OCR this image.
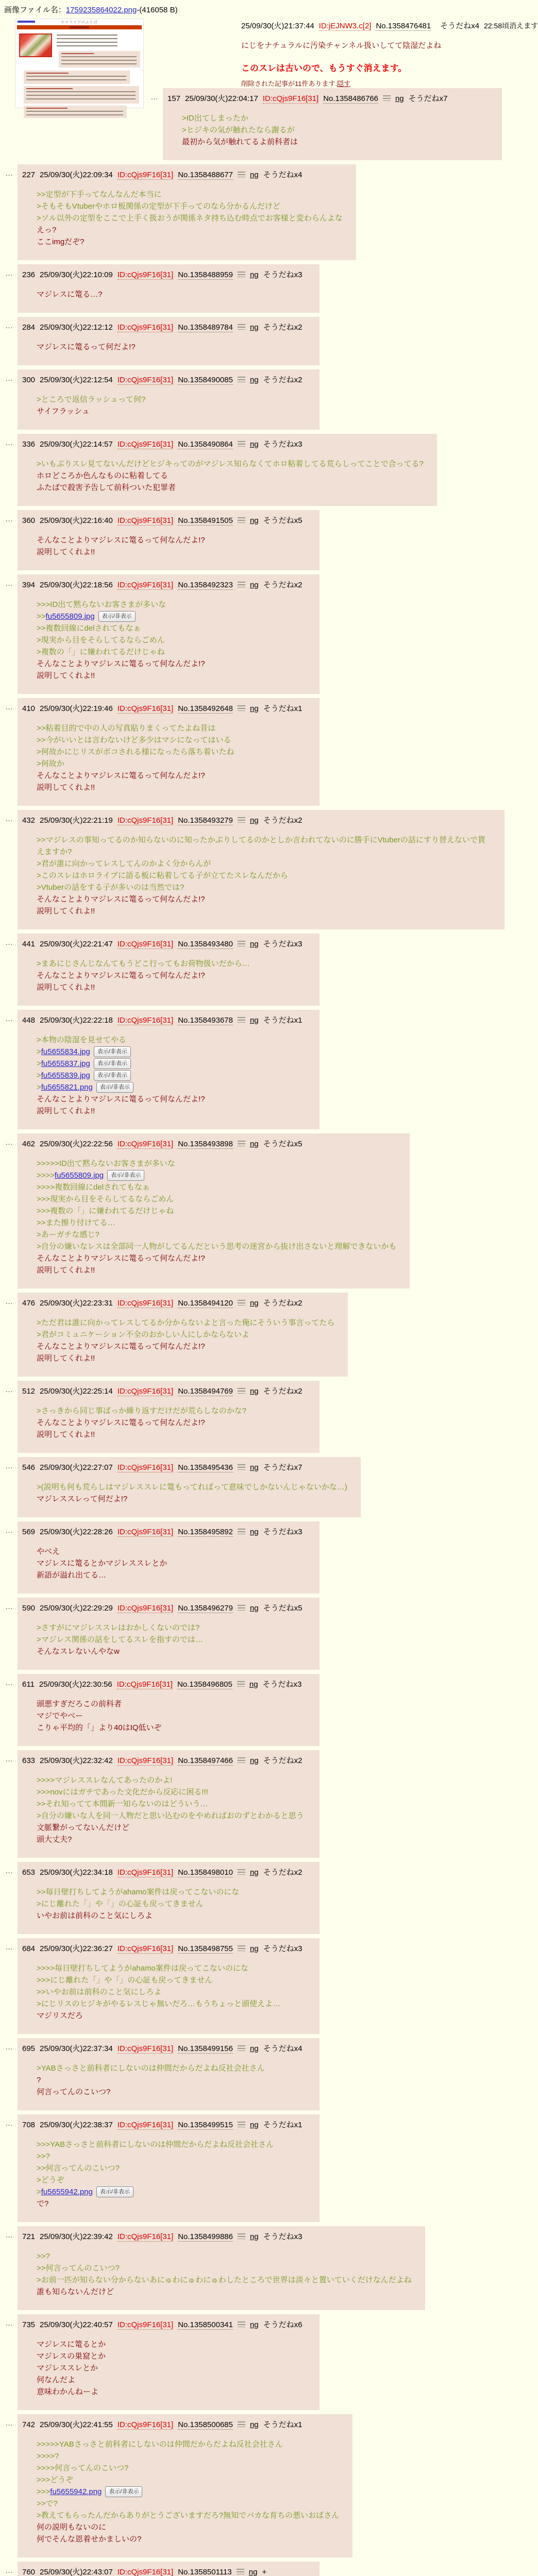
画像ファイル名：1759235864022.png-(416058 B)
ホロライブのふたば	25/09/30(火)21:37:44 ID:jEJNW3.c[2] No.1358476481 そうだねx4 22:58頃消えます
にじをナチュラルに汚染チャンネル扱いしてて陰湿だよね
このスレは古いので、もうすぐ消えます。
削除された記事が11件あります.隠す
… 157 25/09/30(火)22:04:17 ID:cQjs9F16[31] No.1358486766 ng そうだねx7
>ID出てしまったか
>ヒジキの気が触れたなら謝るが
最初から気が触れてるよ前科者は
… 227 25/09/30(火)22:09:34 ID:cQjs9F16[31] No.1358488677 ng そうだねx4
>>定型が下手ってなんなんだ本当に
>そもそもVtuberやホロ板関係の定型が下手ってのなら分かるんだけど
>ソル以外の定型をここで上手く扱おうが関係ネタ持ち込む時点でお客様と変わらんよな
えっ?
ここimgだぞ?
… 236 25/09/30(火)22:10:09 ID:cQjs9F16[31] No.1358488959 ng そうだねx3
マジレスに篭る…?
… 284 25/09/30(火)22:12:12 ID:cQjs9F16[31] No.1358489784 ng そうだねx2
マジレスに篭るって何だよ!?
… 300 25/09/30(火)22:12:54 ID:cQjs9F16[31] No.1358490085 ng そうだねx2
>ところで返信ラッシュって何?
サイフラッシュ
… 336 25/09/30(火)22:14:57 ID:cQjs9F16[31] No.1358490864 ng そうだねx3
>いもぶりスレ見てないんだけどヒジキってのがマジレス知らなくてホロ粘着してる荒らしってことで合ってる?
ホロどころか色んなものに粘着してる
ふたばで殺害予告して前科ついた犯罪者
… 360 25/09/30(火)22:16:40 ID:cQjs9F16[31] No.1358491505 ng そうだねx5
そんなことよりマジレスに篭るって何なんだよ!?
説明してくれよ!!
… 394 25/09/30(火)22:18:56 ID:cQjs9F16[31] No.1358492323 ng そうだねx2
>>>ID出て黙らないお客さまが多いな
>>fu5655809.jpg 表示/非表示
>>複数回線にdelされてもなぁ
>現実から目をそらしてるならごめん
>複数の「」に嫌われてるだけじゃね
そんなことよりマジレスに篭るって何なんだよ!?
説明してくれよ!!
… 410 25/09/30(火)22:19:46 ID:cQjs9F16[31] No.1358492648 ng そうだねx1
>>粘着目的で中の人の写真貼りまくってたよね昔は
>>今がいいとは言わないけど多少はマシになってはいる
>何故かにじリスがボコされる様になったら落ち着いたね
>何故か
そんなことよりマジレスに篭るって何なんだよ!?
説明してくれよ!!
… 432 25/09/30(火)22:21:19 ID:cQjs9F16[31] No.1358493279 ng そうだねx2
>>マジレスの事知ってるのか知らないのに知ったかぶりしてるのかとしか言われてないのに勝手にVtuberの話にすり替えないで貰えますか?
>君が誰に向かってレスしてんのかよく分からんが
>このスレはホロライブに語る板に粘着してる子が立てたスレなんだから
>Vtuberの話をする子が多いのは当然では?
そんなことよりマジレスに篭るって何なんだよ!?
説明してくれよ!!
… 441 25/09/30(火)22:21:47 ID:cQjs9F16[31] No.1358493480 ng そうだねx3
>まあにじさんじなんてもうどこ行ってもお荷物扱いだから…
そんなことよりマジレスに篭るって何なんだよ!?
説明してくれよ!!
… 448 25/09/30(火)22:22:18 ID:cQjs9F16[31] No.1358493678 ng そうだねx1
>本物の陰湿を見せてやる
>fu5655834.jpg 表示/非表示
>fu5655837.jpg 表示/非表示
>fu5655839.jpg 表示/非表示
>fu5655821.png 表示/非表示
そんなことよりマジレスに篭るって何なんだよ!?
説明してくれよ!!
… 462 25/09/30(火)22:22:56 ID:cQjs9F16[31] No.1358493898 ng そうだねx5
>>>>>ID出て黙らないお客さまが多いな
>>>>fu5655809.jpg 表示/非表示
>>>>複数回線にdelされてもなぁ
>>>現実から目をそらしてるならごめん
>>>複数の「」に嫌われてるだけじゃね
>>また擦り付けてる…
>あーガチな感じ?
>自分の嫌いなレスは全部同一人物がしてるんだという思考の迷宮から抜け出さないと理解できないかも
そんなことよりマジレスに篭るって何なんだよ!?
説明してくれよ!!
… 476 25/09/30(火)22:23:31 ID:cQjs9F16[31] No.1358494120 ng そうだねx2
>ただ君は誰に向かってレスしてるか分からないよと言った俺にそういう事言ってたら
>君がコミュニケーション不全のおかしい人にしかならないよ
そんなことよりマジレスに篭るって何なんだよ!?
説明してくれよ!!
… 512 25/09/30(火)22:25:14 ID:cQjs9F16[31] No.1358494769 ng そうだねx2
>さっきから同じ事ばっか繰り返すだけだが荒らしなのかな?
そんなことよりマジレスに篭るって何なんだよ!?
説明してくれよ!!
… 546 25/09/30(火)22:27:07 ID:cQjs9F16[31] No.1358495436 ng そうだねx7
>(説明も何も荒らしはマジレススレに篭もってればって意味でしかないんじゃないかな…)
マジレススレって何だよ!?
… 569 25/09/30(火)22:28:26 ID:cQjs9F16[31] No.1358495892 ng そうだねx3
やべえ
マジレスに篭るとかマジレススレとか
新語が溢れ出てる…
… 590 25/09/30(火)22:29:29 ID:cQjs9F16[31] No.1358496279 ng そうだねx5
>さすがにマジレススレはおかしくないのでは?
>マジレス関係の話をしてるスレを指すのでは…
そんなスレないんやなw
… 611 25/09/30(火)22:30:56 ID:cQjs9F16[31] No.1358496805 ng そうだねx3
頭悪すぎだろこの前科者
マジでやべー
こりゃ平均的「」より40はIQ低いぞ
… 633 25/09/30(火)22:32:42 ID:cQjs9F16[31] No.1358497466 ng そうだねx2
>>>>マジレススレなんてあったのかよ!
>>>novにはガチであった文化だから反応に困る!!!
>>それ知ってて本間新一知らないのはどういう…
>自分の嫌いな人を同一人物だと思い込むのをやめればおのずとわかると思う
文脈繋がってないんだけど
頭大丈夫?
… 653 25/09/30(火)22:34:18 ID:cQjs9F16[31] No.1358498010 ng そうだねx2
>>毎日壁打ちしてようがahamo案件は戻ってこないのにな
>にじ離れた「」や「」の心証も戻ってきません
いやお前は前科のこと気にしろよ
… 684 25/09/30(火)22:36:27 ID:cQjs9F16[31] No.1358498755 ng そうだねx3
>>>>毎日壁打ちしてようがahamo案件は戻ってこないのにな
>>>にじ離れた「」や「」の心証も戻ってきません
>>いやお前は前科のこと気にしろよ
>にじリスのヒジキがやるレスじゃ無いだろ…もうちょっと頭使えよ…
マジリスだろ
… 695 25/09/30(火)22:37:34 ID:cQjs9F16[31] No.1358499156 ng そうだねx4
>YABさっさと前科者にしないのは仲間だからだよね反社会社さん
?
何言ってんのこいつ?
… 708 25/09/30(火)22:38:37 ID:cQjs9F16[31] No.1358499515 ng そうだねx1
>>>YABさっさと前科者にしないのは仲間だからだよね反社会社さん
>>?
>>何言ってんのこいつ?
>どうぞ
>fu5655942.png 表示/非表示
で?
… 721 25/09/30(火)22:39:42 ID:cQjs9F16[31] No.1358499886 ng そうだねx3
>>?
>>何言ってんのこいつ?
>お前一匹が知らない分からないあにゅわにゅわにゅわしたところで世界は淡々と置いていくだけなんだよね
誰も知らないんだけど
… 735 25/09/30(火)22:40:57 ID:cQjs9F16[31] No.1358500341 ng そうだねx6
マジレスに篭るとか
マジレスの巣窟とか
マジレススレとか
何なんだよ
意味わかんねーよ
… 742 25/09/30(火)22:41:55 ID:cQjs9F16[31] No.1358500685 ng そうだねx1
>>>>>YABさっさと前科者にしないのは仲間だからだよね反社会社さん
>>>>?
>>>>何言ってんのこいつ?
>>>どうぞ
>>>fu5655942.png 表示/非表示
>>で?
>教えてもらったんだからありがとうございますだろ?無知でバカな育ちの悪いおばさん
何の説明もないのに
何でそんな恩着せかましいの?
… 760 25/09/30(火)22:43:07 ID:cQjs9F16[31] No.1358501113 ng +
